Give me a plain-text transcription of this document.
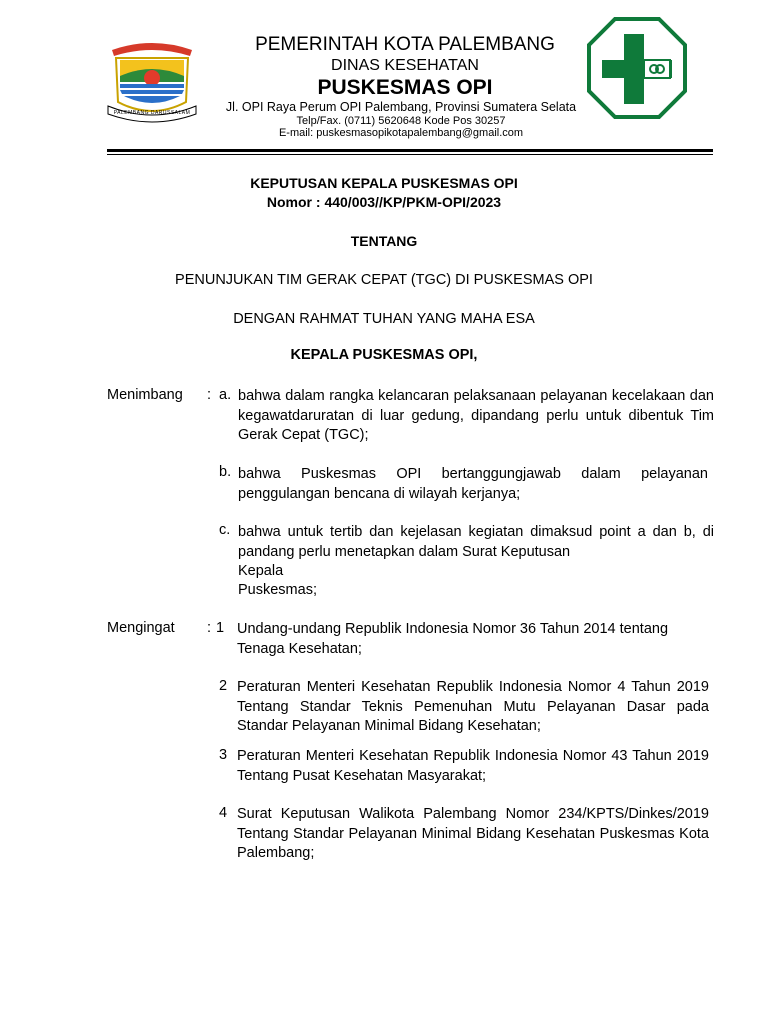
PALEMBANG DARUSSALAM
PEMERINTAH KOTA PALEMBANG
DINAS KESEHATAN
PUSKESMAS OPI
Jl. OPI Raya Perum OPI Palembang, Provinsi Sumatera Selata
Telp/Fax. (0711) 5620648 Kode Pos 30257
E-mail: puskesmasopikotapalembang@gmail.com
KEPUTUSAN KEPALA PUSKESMAS OPI
Nomor : 440/003//KP/PKM-OPI/2023
TENTANG
PENUNJUKAN TIM GERAK CEPAT (TGC) DI PUSKESMAS OPI
DENGAN RAHMAT TUHAN YANG MAHA ESA
KEPALA PUSKESMAS OPI,
Menimbang : a. bahwa dalam rangka kelancaran pelaksanaan pelayanan kecelakaan dan kegawatdaruratan di luar gedung, dipandang perlu untuk dibentuk Tim Gerak Cepat (TGC);
b. bahwa Puskesmas OPI bertanggungjawab dalam pelayanan penggulangan bencana di wilayah kerjanya;
c. bahwa untuk tertib dan kejelasan kegiatan dimaksud point a dan b, di pandang perlu menetapkan dalam Surat Keputusan
Kepala
Puskesmas;
Mengingat : 1 Undang-undang Republik Indonesia Nomor 36 Tahun 2014 tentang Tenaga Kesehatan;
2 Peraturan Menteri Kesehatan Republik Indonesia Nomor 4 Tahun 2019 Tentang Standar Teknis Pemenuhan Mutu Pelayanan Dasar pada Standar Pelayanan Minimal Bidang Kesehatan;
3 Peraturan Menteri Kesehatan Republik Indonesia Nomor 43 Tahun 2019 Tentang Pusat Kesehatan Masyarakat;
4 Surat Keputusan Walikota Palembang Nomor 234/KPTS/Dinkes/2019 Tentang Standar Pelayanan Minimal Bidang Kesehatan Puskesmas Kota Palembang;
